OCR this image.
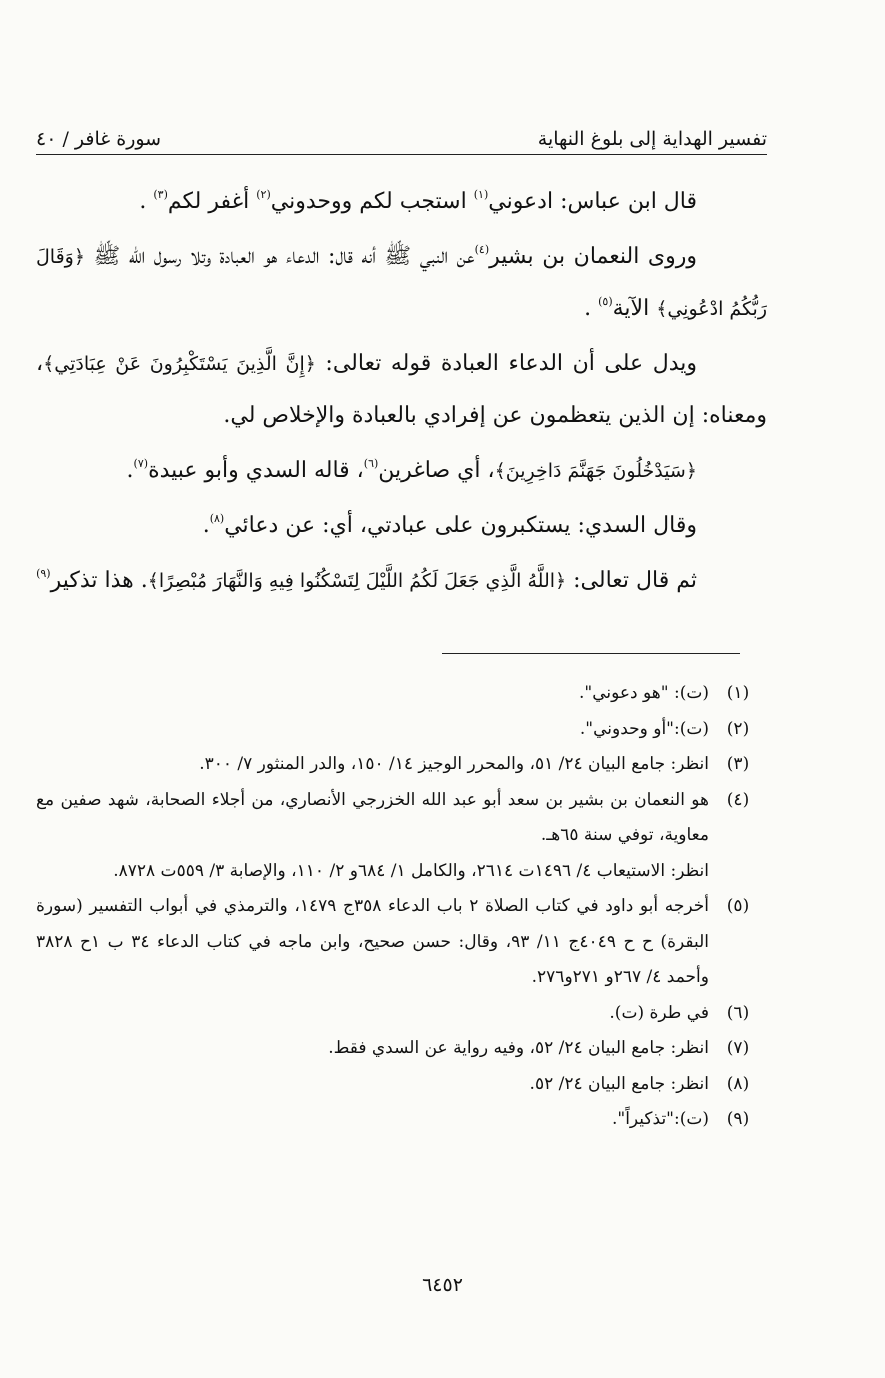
تفسير الهداية إلى بلوغ النهاية
سورة غافر / ٤٠

قال ابن عباس: ادعوني$^{(١)}$ استجب لكم ووحدوني$^{(٢)}$ أغفر لكم$^{(٣)}$ .

وروى النعمان بن بشير$^{(٤)}$عن النبي ﷺ أنه قال: الدعاء هو العبادة وتلا رسول الله ﷺ ﴿وَقَالَ رَبُّكُمُ ادْعُونِي﴾ الآية$^{(٥)}$ .

ويدل على أن الدعاء العبادة قوله تعالى: ﴿إِنَّ الَّذِينَ يَسْتَكْبِرُونَ عَنْ عِبَادَتِي﴾، ومعناه: إن الذين يتعظمون عن إفرادي بالعبادة والإخلاص لي.

﴿سَيَدْخُلُونَ جَهَنَّمَ دَاخِرِينَ﴾، أي صاغرين$^{(٦)}$، قاله السدي وأبو عبيدة$^{(٧)}$.

وقال السدي: يستكبرون على عبادتي، أي: عن دعائي$^{(٨)}$.

ثم قال تعالى: ﴿اللَّهُ الَّذِي جَعَلَ لَكُمُ اللَّيْلَ لِتَسْكُنُوا فِيهِ وَالنَّهَارَ مُبْصِرًا﴾. هذا تذكير$^{(٩)}$

(١)
(ت): "هو دعوني".
(٢)
(ت):"أو وحدوني".
(٣)
انظر: جامع البيان ٢٤/ ٥١، والمحرر الوجيز ١٤/ ١٥٠، والدر المنثور ٧/ ٣٠٠.
(٤)
هو النعمان بن بشير بن سعد أبو عبد الله الخزرجي الأنصاري، من أجلاء الصحابة، شهد صفين مع معاوية، توفي سنة ٦٥هـ.
انظر: الاستيعاب ٤/ ١٤٩٦ت ٢٦١٤، والكامل ١/ ٦٨٤و ٢/ ١١٠، والإصابة ٣/ ٥٥٩ت ٨٧٢٨.
(٥)
أخرجه أبو داود في كتاب الصلاة ٢ باب الدعاء ٣٥٨ج ١٤٧٩، والترمذي في أبواب التفسير (سورة البقرة) ح ح ٤٠٤٩ج ١١/ ٩٣، وقال: حسن صحيح، وابن ماجه في كتاب الدعاء ٣٤ ب ١ح ٣٨٢٨ وأحمد ٤/ ٢٦٧و ٢٧١و٢٧٦.
(٦)
في طرة (ت).
(٧)
انظر: جامع البيان ٢٤/ ٥٢، وفيه رواية عن السدي فقط.
(٨)
انظر: جامع البيان ٢٤/ ٥٢.
(٩)
(ت):"تذكيراً".
٦٤٥٢
